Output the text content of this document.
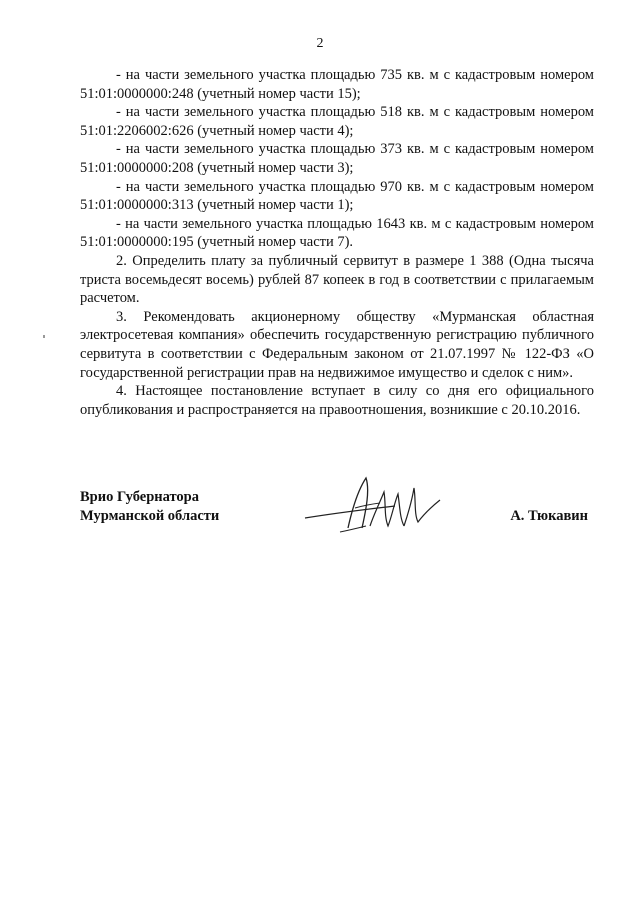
2

- на части земельного участка площадью 735 кв. м с кадастровым номером 51:01:0000000:248 (учетный номер части 15);

- на части земельного участка площадью 518 кв. м с кадастровым номером 51:01:2206002:626 (учетный номер части 4);

- на части земельного участка площадью 373 кв. м с кадастровым номером 51:01:0000000:208 (учетный номер части 3);

- на части земельного участка площадью 970 кв. м с кадастровым номером 51:01:0000000:313 (учетный номер части 1);

- на части земельного участка площадью 1643 кв. м с кадастровым номером 51:01:0000000:195 (учетный номер части 7).

2. Определить плату за публичный сервитут в размере 1 388 (Одна тысяча триста восемьдесят восемь) рублей 87 копеек в год в соответствии с прилагаемым расчетом.

3. Рекомендовать акционерному обществу «Мурманская областная электросетевая компания» обеспечить государственную регистрацию публичного сервитута в соответствии с Федеральным законом от 21.07.1997 № 122-ФЗ «О государственной регистрации прав на недвижимое имущество и сделок с ним».

4. Настоящее постановление вступает в силу со дня его официального опубликования и распространяется на правоотношения, возникшие с 20.10.2016.

Врио Губернатора
Мурманской области	А. Тюкавин
